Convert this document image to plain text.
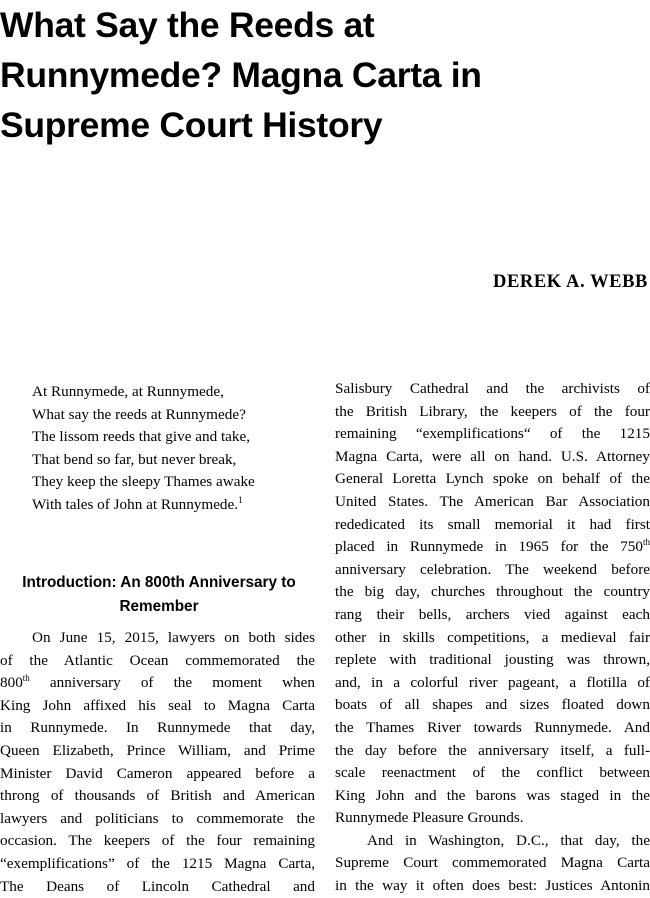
What Say the Reeds at
Runnymede? Magna Carta in
Supreme Court History
DEREK A. WEBB
At Runnymede, at Runnymede,
What say the reeds at Runnymede?
The lissom reeds that give and take,
That bend so far, but never break,
They keep the sleepy Thames awake
With tales of John at Runnymede.$^1$
Introduction: An 800th Anniversary to
Remember
On June 15, 2015, lawyers on both sides
of the Atlantic Ocean commemorated the
800th anniversary of the moment when
King John affixed his seal to Magna Carta
in Runnymede. In Runnymede that day,
Queen Elizabeth, Prince William, and Prime
Minister David Cameron appeared before a
throng of thousands of British and American
lawyers and politicians to commemorate the
occasion. The keepers of the four remaining
“exemplifications” of the 1215 Magna Carta,
The Deans of Lincoln Cathedral and
Salisbury Cathedral and the archivists of
the British Library, the keepers of the four
remaining “exemplifications“ of the 1215
Magna Carta, were all on hand. U.S. Attorney
General Loretta Lynch spoke on behalf of the
United States. The American Bar Association
rededicated its small memorial it had first
placed in Runnymede in 1965 for the 750th
anniversary celebration. The weekend before
the big day, churches throughout the country
rang their bells, archers vied against each
other in skills competitions, a medieval fair
replete with traditional jousting was thrown,
and, in a colorful river pageant, a flotilla of
boats of all shapes and sizes floated down
the Thames River towards Runnymede. And
the day before the anniversary itself, a full-
scale reenactment of the conflict between
King John and the barons was staged in the
Runnymede Pleasure Grounds.
And in Washington, D.C., that day, the
Supreme Court commemorated Magna Carta
in the way it often does best: Justices Antonin
